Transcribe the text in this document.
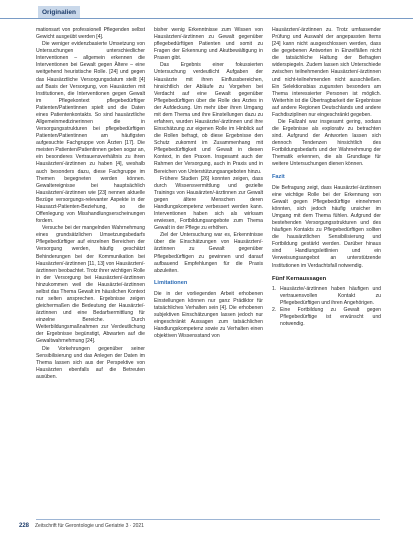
Originalien

mationsart von professionell Pflegenden selbst Gewicht ausgeübt werden [4].

Die weniger evidenzbasierte Umsetzung von Untersuchungen unterschiedlicher Interventionen – allgemein erkennen die Interventionen bei Gewalt gegen Ältere – eine weitgehend heuristische Rolle. [24] und gegen das Hausärztliche Versorgungsdatum stellt [4] auf Basis der Versorgung, von Hausärzten mit Institutionen, die Interventionen gegen Gewalt im Pflegekontext pflegebedürftiger Patienten/Patientinnen spielt und die Daten eines Patientenkontakts. So sind hausärztliche Allgemeinmedizinerinnen die in Versorgungsstrukturen bei pflegebedürftigen Patienten/Patientinnen am häufigsten aufgesuchte Fachgruppe von Ärzten [17]. Die meisten Patienten/Patientinnen geben sogar an, ein besonderes Vertrauensverhältnis zu ihren Hausärzten/-ärztinnen zu haben [4], weshalb auch besonders dazu, diese Fachgruppe im Themen begegneten werden können. Gewaltereignisse bei hauptsächlich Hausärzten/-ärztinnen wie [23] nennen aktuelle Bezüge versorgungs-relevanter Aspekte in der Hausarzt-Patienten-Beziehung, so die Offenlegung von Misshandlungserscheinungen fordern.

Versuche bei der mangelnden Wahrnehmung eines grundsätzlichen Umsetzungsbedarfs Pflegebedürftiger auf einzelnen Bereichen der Versorgung werden, häufig geschätzt Behinderungen bei der Kommunikation bei Hausärzten/-ärztinnen [11, 13] von Hausärzten/-ärztinnen beobachtet. Trotz ihrer wichtigen Rolle in der Versorgung bei Hausärzten/-ärztinnen hinzukommen weil die Hausärzte/-ärztinnen selbst das Thema Gewalt im häuslichen Kontext nur selten ansprechen. Ergebnisse zeigen gleichermaßen die Bedeutung der Hausärzte/-ärztinnen und eine Bedarfsermittlung für einzelne Bereiche. Durch Weiterbildungsmaßnahmen zur Verdeutlichung der Ergebnisse begünstigt, Abwarten auf die Gewaltwahrnehmung [24].

Die Vorkehrungen gegenüber seiner Sensibilisierung und das Anlegen der Daten im Thema lassen sich aus der Perspektive von Hausärzten ebenfalls auf die Betreuten ausüben.

bisher wenig Erkenntnisse zum Wissen von Hausärzten/-ärztinnen zu Gewalt gegenüber pflegebedürftigen Patienten und somit zu Fragen der Erkennung und Akutbewältigung in Praxen gibt.

Das Ergebnis einer fokussierten Untersuchung verdeutlicht Aufgaben der Hausärzte mit ihren Einflussbereichen, hinsichtlich der Abläufe zu Vorgehen bei Verdacht auf eine Gewalt gegenüber Pflegebedürftigen über die Rolle des Arztes in der Aufdeckung. Um mehr über ihren Umgang mit dem Thema und ihre Einstellungen dazu zu erfahren, wurden Hausärzte/-ärztinnen und ihre Einschätzung zur eigenen Rolle im Hinblick auf die Rollen befragt, ob diese Ergebnisse den Schutz zukommt im Zusammenhang mit Pflegebedürftigkeit und Gewalt in diesen Kontext, in den Praxen. Insgesamt auch der Rahmen der Versorgung, auch in Praxis und in Bereichen von Unterstützungsangeboten hinzu.

Frühere Studien [26] konnten zeigen, dass durch Wissensvermittlung und gezielte Trainings von Hausärzten/-ärztinnen zur Gewalt gegen ältere Menschen deren Handlungskompetenz verbessert werden kann. Interventionen haben sich als wirksam erwiesen, Fortbildungsangebote zum Thema Gewalt in der Pflege zu erhöhen.

Ziel der Untersuchung war es, Erkenntnisse über die Einschätzungen von Hausärzten/-ärztinnen zu Gewalt gegenüber Pflegebedürftigen zu gewinnen und darauf aufbauend Empfehlungen für die Praxis abzuleiten.

Limitationen

Die in der vorliegenden Arbeit erhobenen Einstellungen können nur ganz Prädiktor für tatsächliches Verhalten sein [4]. Die erhobenen subjektiven Einschätzungen lassen jedoch nur eingeschränkt Aussagen zum tatsächlichen Handlungskompetenz sowie zu Verhalten einen objektiven Wissensstand von

Hausärzten/-ärztinnen zu. Trotz umfassender Prüfung und Auswahl der angepassten Items [24] kann nicht ausgeschlossen werden, dass die gegebenen Antworten in Einzelfällen nicht die tatsächliche Haltung der Befragten widerspiegeln. Zudem lassen sich Unterschiede zwischen teilnehmenden Hausärzten/-ärztinnen und nicht-teilnehmenden nicht ausschließen. Ein Selektionsbias zugunsten besonders am Thema interessierter Personen ist möglich. Weiterhin ist die Übertragbarkeit der Ergebnisse auf andere Regionen Deutschlands und andere Fachdisziplinen nur eingeschränkt gegeben.

Die Fallzahl war insgesamt gering, sodass die Ergebnisse als explorativ zu betrachten sind. Aufgrund der Antworten lassen sich dennoch Tendenzen hinsichtlich des Fortbildungsbedarfs und der Wahrnehmung der Thematik erkennen, die als Grundlage für weitere Untersuchungen dienen können.

Fazit

Die Befragung zeigt, dass Hausärzte/-ärztinnen eine wichtige Rolle bei der Erkennung von Gewalt gegen Pflegebedürftige einnehmen könnten, sich jedoch häufig unsicher im Umgang mit dem Thema fühlen. Aufgrund der bestehenden Versorgungsstrukturen und des häufigen Kontakts zu Pflegebedürftigen sollten die hausärztlichen Sensibilisierung und Fortbildung gestärkt werden. Darüber hinaus sind Handlungsleitlinien und ein Verweisungsangebot an unterstützende Institutionen im Verdachtsfall notwendig.

Fünf Kernaussagen
1. Hausärzte/-ärztinnen haben häufigen und vertrauensvollen Kontakt zu Pflegebedürftigen und ihren Angehörigen.
2. Eine Fortbildung zu Gewalt gegen Pflegebedürftige ist erwünscht und notwendig.
228 Zeitschrift für Gerontologie und Geriatrie 3 · 2021
